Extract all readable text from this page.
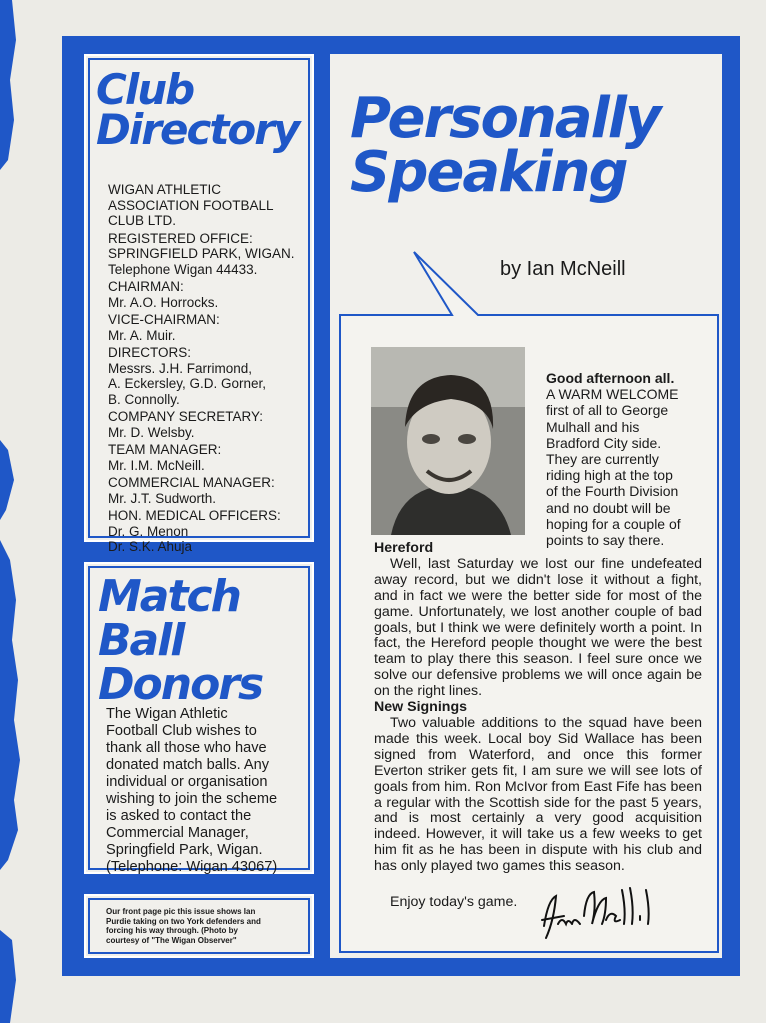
Club
Directory
WIGAN ATHLETIC
ASSOCIATION FOOTBALL
CLUB LTD.
REGISTERED OFFICE:
SPRINGFIELD PARK, WIGAN.
Telephone Wigan 44433.
CHAIRMAN:
Mr. A.O. Horrocks.
VICE-CHAIRMAN:
Mr. A. Muir.
DIRECTORS:
Messrs. J.H. Farrimond,
A. Eckersley, G.D. Gorner,
B. Connolly.
COMPANY SECRETARY:
Mr. D. Welsby.
TEAM MANAGER:
Mr. I.M. McNeill.
COMMERCIAL MANAGER:
Mr. J.T. Sudworth.
HON. MEDICAL OFFICERS:
Dr. G. Menon
Dr. S.K. Ahuja
Match
Ball
Donors
The Wigan Athletic
Football Club wishes to
thank all those who have
donated match balls. Any
individual or organisation
wishing to join the scheme
is asked to contact the
Commercial Manager,
Springfield Park, Wigan.
(Telephone: Wigan 43067)
Our front page pic this issue shows Ian
Purdie taking on two York defenders and
forcing his way through. (Photo by
courtesy of "The Wigan Observer"
Personally
Speaking
by Ian McNeill
Good afternoon all.
A WARM WELCOME
first of all to George
Mulhall and his
Bradford City side.
They are currently
riding high at the top
of the Fourth Division
and no doubt will be
hoping for a couple of
points to say there.
Hereford

Well, last Saturday we lost our fine undefeated away record, but we didn't lose it without a fight, and in fact we were the better side for most of the game. Unfortunately, we lost another couple of bad goals, but I think we were definitely worth a point. In fact, the Hereford people thought we were the best team to play there this season. I feel sure once we solve our defensive problems we will once again be on the right lines.

New Signings

Two valuable additions to the squad have been made this week. Local boy Sid Wallace has been signed from Waterford, and once this former Everton striker gets fit, I am sure we will see lots of goals from him. Ron McIvor from East Fife has been a regular with the Scottish side for the past 5 years, and is most certainly a very good acquisition indeed. However, it will take us a few weeks to get him fit as he has been in dispute with his club and has only played two games this season.

Enjoy today's game.
